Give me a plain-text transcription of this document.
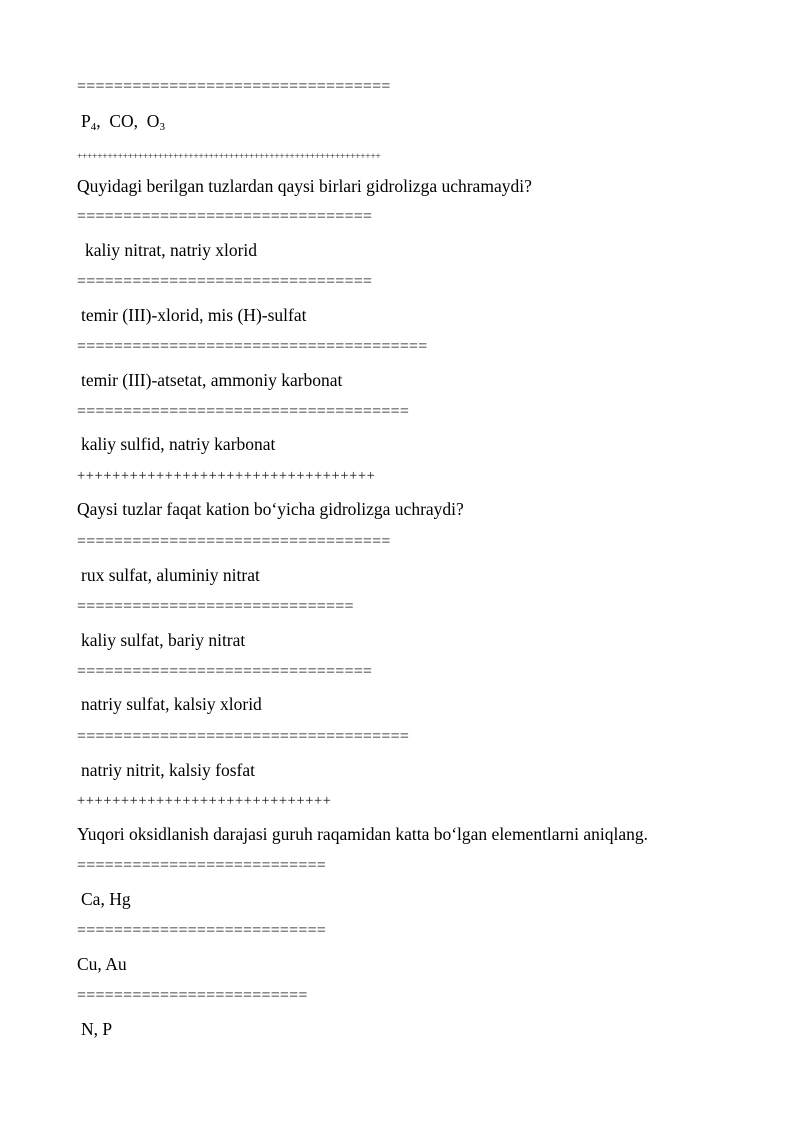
==================================
$P_4$,  CO,  $O_3$
++++++++++++++++++++++++++++++++++++++++++++++++++++++++++++
Quyidagi berilgan tuzlardan qaysi birlari gidrolizga uchramaydi?
================================
kaliy nitrat, natriy xlorid
================================
temir (III)-xlorid, mis (H)-sulfat
======================================
temir (III)-atsetat, ammoniy karbonat
====================================
kaliy sulfid, natriy karbonat
++++++++++++++++++++++++++++++++++
Qaysi tuzlar faqat kation bo‘yicha gidrolizga uchraydi?
==================================
rux sulfat, aluminiy nitrat
==============================
kaliy sulfat, bariy nitrat
================================
natriy sulfat, kalsiy xlorid
====================================
natriy nitrit, kalsiy fosfat
+++++++++++++++++++++++++++++
Yuqori oksidlanish darajasi guruh raqamidan katta bo‘lgan elementlarni aniqlang.
===========================
Ca, Hg
===========================
Cu, Au
=========================
N, P
